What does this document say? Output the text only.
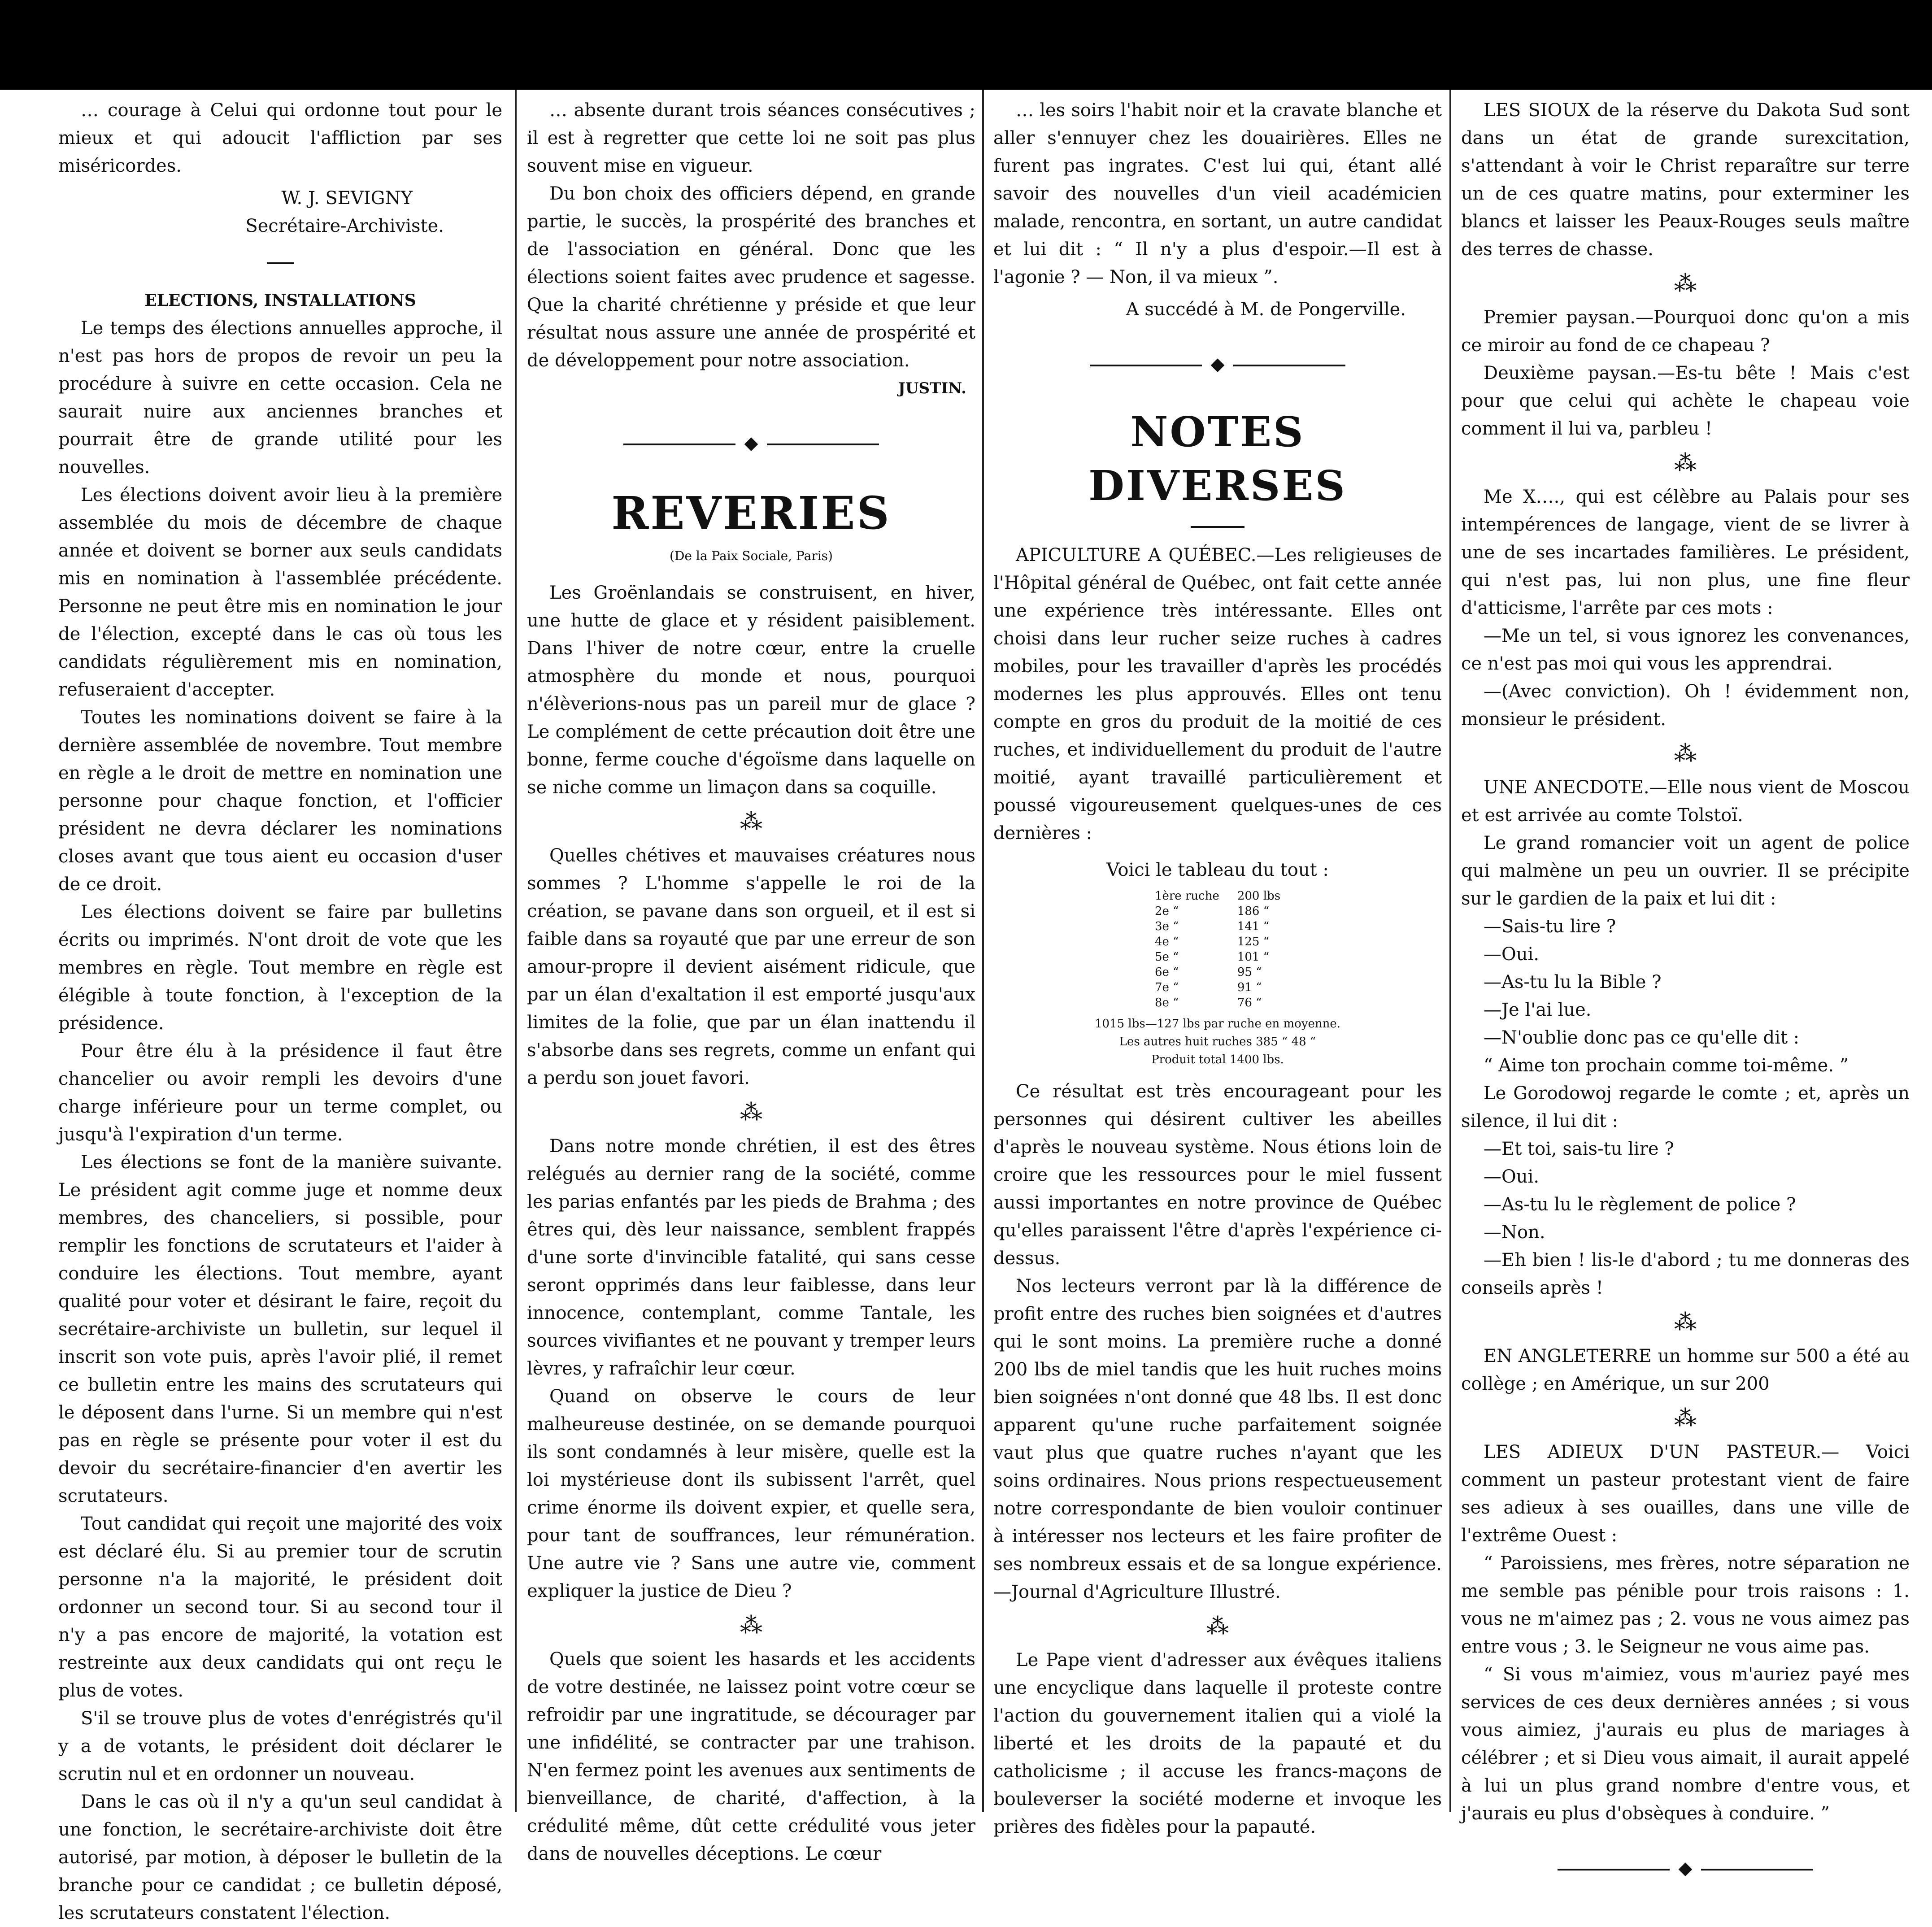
… courage à Celui qui ordonne tout pour le mieux et qui adoucit l'affliction par ses miséricordes.

W. J. SEVIGNY
Secrétaire-Archiviste.
ELECTIONS, INSTALLATIONS

Le temps des élections annuelles approche, il n'est pas hors de propos de revoir un peu la procédure à suivre en cette occasion. Cela ne saurait nuire aux anciennes branches et pourrait être de grande utilité pour les nouvelles.

Les élections doivent avoir lieu à la première assemblée du mois de décembre de chaque année et doivent se borner aux seuls candidats mis en nomination à l'assemblée précédente. Personne ne peut être mis en nomination le jour de l'élection, excepté dans le cas où tous les candidats régulièrement mis en nomination, refuseraient d'accepter.

Toutes les nominations doivent se faire à la dernière assemblée de novembre. Tout membre en règle a le droit de mettre en nomination une personne pour chaque fonction, et l'officier président ne devra déclarer les nominations closes avant que tous aient eu occasion d'user de ce droit.

Les élections doivent se faire par bulletins écrits ou imprimés. N'ont droit de vote que les membres en règle. Tout membre en règle est élégible à toute fonction, à l'exception de la présidence.

Pour être élu à la présidence il faut être chancelier ou avoir rempli les devoirs d'une charge inférieure pour un terme complet, ou jusqu'à l'expiration d'un terme.

Les élections se font de la manière suivante. Le président agit comme juge et nomme deux membres, des chanceliers, si possible, pour remplir les fonctions de scrutateurs et l'aider à conduire les élections. Tout membre, ayant qualité pour voter et désirant le faire, reçoit du secrétaire-archiviste un bulletin, sur lequel il inscrit son vote puis, après l'avoir plié, il remet ce bulletin entre les mains des scrutateurs qui le déposent dans l'urne. Si un membre qui n'est pas en règle se présente pour voter il est du devoir du secrétaire-financier d'en avertir les scrutateurs.

Tout candidat qui reçoit une majorité des voix est déclaré élu. Si au premier tour de scrutin personne n'a la majorité, le président doit ordonner un second tour. Si au second tour il n'y a pas encore de majorité, la votation est restreinte aux deux candidats qui ont reçu le plus de votes.

S'il se trouve plus de votes d'enrégistrés qu'il y a de votants, le président doit déclarer le scrutin nul et en ordonner un nouveau.

Dans le cas où il n'y a qu'un seul candidat à une fonction, le secrétaire-archiviste doit être autorisé, par motion, à déposer le bulletin de la branche pour ce candidat ; ce bulletin déposé, les scrutateurs constatent l'élection.

… absente durant trois séances consécutives ; il est à regretter que cette loi ne soit pas plus souvent mise en vigueur.

Du bon choix des officiers dépend, en grande partie, le succès, la prospérité des branches et de l'association en général. Donc que les élections soient faites avec prudence et sagesse. Que la charité chrétienne y préside et que leur résultat nous assure une année de prospérité et de développement pour notre association.

JUSTIN.
◆
REVERIES
(De la Paix Sociale, Paris)

Les Groënlandais se construisent, en hiver, une hutte de glace et y résident paisiblement. Dans l'hiver de notre cœur, entre la cruelle atmosphère du monde et nous, pourquoi n'élèverions-nous pas un pareil mur de glace ? Le complément de cette précaution doit être une bonne, ferme couche d'égoïsme dans laquelle on se niche comme un limaçon dans sa coquille.

⁂

Quelles chétives et mauvaises créatures nous sommes ? L'homme s'appelle le roi de la création, se pavane dans son orgueil, et il est si faible dans sa royauté que par une erreur de son amour-propre il devient aisément ridicule, que par un élan d'exaltation il est emporté jusqu'aux limites de la folie, que par un élan inattendu il s'absorbe dans ses regrets, comme un enfant qui a perdu son jouet favori.

⁂

Dans notre monde chrétien, il est des êtres relégués au dernier rang de la société, comme les parias enfantés par les pieds de Brahma ; des êtres qui, dès leur naissance, semblent frappés d'une sorte d'invincible fatalité, qui sans cesse seront opprimés dans leur faiblesse, dans leur innocence, contemplant, comme Tantale, les sources vivifiantes et ne pouvant y tremper leurs lèvres, y rafraîchir leur cœur.

Quand on observe le cours de leur malheureuse destinée, on se demande pourquoi ils sont condamnés à leur misère, quelle est la loi mystérieuse dont ils subissent l'arrêt, quel crime énorme ils doivent expier, et quelle sera, pour tant de souffrances, leur rémunération. Une autre vie ? Sans une autre vie, comment expliquer la justice de Dieu ?

⁂

Quels que soient les hasards et les accidents de votre destinée, ne laissez point votre cœur se refroidir par une ingratitude, se décourager par une infidélité, se contracter par une trahison. N'en fermez point les avenues aux sentiments de bienveillance, de charité, d'affection, à la crédulité même, dût cette crédulité vous jeter dans de nouvelles déceptions. Le cœur

… les soirs l'habit noir et la cravate blanche et aller s'ennuyer chez les douairières. Elles ne furent pas ingrates. C'est lui qui, étant allé savoir des nouvelles d'un vieil académicien malade, rencontra, en sortant, un autre candidat et lui dit : “ Il n'y a plus d'espoir.—Il est à l'agonie ? — Non, il va mieux ”.

A succédé à M. de Pongerville.
◆
NOTES DIVERSES

APICULTURE A QUÉBEC.—Les religieuses de l'Hôpital général de Québec, ont fait cette année une expérience très intéressante. Elles ont choisi dans leur rucher seize ruches à cadres mobiles, pour les travailler d'après les procédés modernes les plus approuvés. Elles ont tenu compte en gros du produit de la moitié de ces ruches, et individuellement du produit de l'autre moitié, ayant travaillé particulièrement et poussé vigoureusement quelques-unes de ces dernières :

Voici le tableau du tout :
1ère ruche	200 lbs
2e “	186 “
3e “	141 “
4e “	125 “
5e “	101 “
6e “	95 “
7e “	91 “
8e “	76 “
1015 lbs—127 lbs par ruche en moyenne.
Les autres huit ruches 385 “ 48 “
Produit total 1400 lbs.

Ce résultat est très encourageant pour les personnes qui désirent cultiver les abeilles d'après le nouveau système. Nous étions loin de croire que les ressources pour le miel fussent aussi importantes en notre province de Québec qu'elles paraissent l'être d'après l'expérience ci-dessus.

Nos lecteurs verront par là la différence de profit entre des ruches bien soignées et d'autres qui le sont moins. La première ruche a donné 200 lbs de miel tandis que les huit ruches moins bien soignées n'ont donné que 48 lbs. Il est donc apparent qu'une ruche parfaitement soignée vaut plus que quatre ruches n'ayant que les soins ordinaires. Nous prions respectueusement notre correspondante de bien vouloir continuer à intéresser nos lecteurs et les faire profiter de ses nombreux essais et de sa longue expérience.—Journal d'Agriculture Illustré.

⁂

Le Pape vient d'adresser aux évêques italiens une encyclique dans laquelle il proteste contre l'action du gouvernement italien qui a violé la liberté et les droits de la papauté et du catholicisme ; il accuse les francs-maçons de bouleverser la société moderne et invoque les prières des fidèles pour la papauté.

LES SIOUX de la réserve du Dakota Sud sont dans un état de grande surexcitation, s'attendant à voir le Christ reparaître sur terre un de ces quatre matins, pour exterminer les blancs et laisser les Peaux-Rouges seuls maître des terres de chasse.

⁂

Premier paysan.—Pourquoi donc qu'on a mis ce miroir au fond de ce chapeau ?

Deuxième paysan.—Es-tu bête ! Mais c'est pour que celui qui achète le chapeau voie comment il lui va, parbleu !

⁂

Me X…., qui est célèbre au Palais pour ses intempérences de langage, vient de se livrer à une de ses incartades familières. Le président, qui n'est pas, lui non plus, une fine fleur d'atticisme, l'arrête par ces mots :

—Me un tel, si vous ignorez les convenances, ce n'est pas moi qui vous les apprendrai.

—(Avec conviction). Oh ! évidemment non, monsieur le président.

⁂

UNE ANECDOTE.—Elle nous vient de Moscou et est arrivée au comte Tolstoï.

Le grand romancier voit un agent de police qui malmène un peu un ouvrier. Il se précipite sur le gardien de la paix et lui dit :

—Sais-tu lire ?

—Oui.

—As-tu lu la Bible ?

—Je l'ai lue.

—N'oublie donc pas ce qu'elle dit :

“ Aime ton prochain comme toi-même. ”

Le Gorodowoj regarde le comte ; et, après un silence, il lui dit :

—Et toi, sais-tu lire ?

—Oui.

—As-tu lu le règlement de police ?

—Non.

—Eh bien ! lis-le d'abord ; tu me donneras des conseils après !

⁂

EN ANGLETERRE un homme sur 500 a été au collège ; en Amérique, un sur 200

⁂

LES ADIEUX D'UN PASTEUR.— Voici comment un pasteur protestant vient de faire ses adieux à ses ouailles, dans une ville de l'extrême Ouest :

“ Paroissiens, mes frères, notre séparation ne me semble pas pénible pour trois raisons : 1. vous ne m'aimez pas ; 2. vous ne vous aimez pas entre vous ; 3. le Seigneur ne vous aime pas.

“ Si vous m'aimiez, vous m'auriez payé mes services de ces deux dernières années ; si vous vous aimiez, j'aurais eu plus de mariages à célébrer ; et si Dieu vous aimait, il aurait appelé à lui un plus grand nombre d'entre vous, et j'aurais eu plus d'obsèques à conduire. ”

◆
